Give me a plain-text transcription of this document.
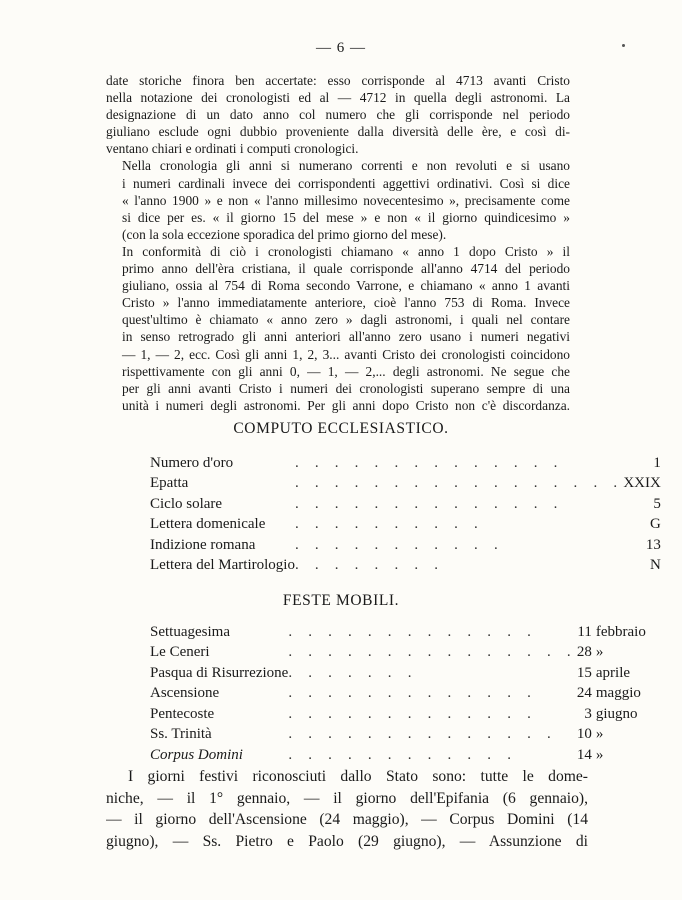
— 6 —

date storiche finora ben accertate: esso corrisponde al 4713 avanti Cristo
nella notazione dei cronologisti ed al — 4712 in quella degli astronomi. La
designazione di un dato anno col numero che gli corrisponde nel periodo
giuliano esclude ogni dubbio proveniente dalla diversità delle ère, e così di-
ventano chiari e ordinati i computi cronologici.

Nella cronologia gli anni si numerano correnti e non revoluti e si usano
i numeri cardinali invece dei corrispondenti aggettivi ordinativi. Così si dice
« l'anno 1900 » e non « l'anno millesimo novecentesimo », precisamente come
si dice per es. « il giorno 15 del mese » e non « il giorno quindicesimo »
(con la sola eccezione sporadica del primo giorno del mese).

In conformità di ciò i cronologisti chiamano « anno 1 dopo Cristo » il
primo anno dell'èra cristiana, il quale corrisponde all'anno 4714 del periodo
giuliano, ossia al 754 di Roma secondo Varrone, e chiamano « anno 1 avanti
Cristo » l'anno immediatamente anteriore, cioè l'anno 753 di Roma. Invece
quest'ultimo è chiamato « anno zero » dagli astronomi, i quali nel contare
in senso retrogrado gli anni anteriori all'anno zero usano i numeri negativi
— 1, — 2, ecc. Così gli anni 1, 2, 3... avanti Cristo dei cronologisti coincidono
rispettivamente con gli anni 0, — 1, — 2,... degli astronomi. Ne segue che
per gli anni avanti Cristo i numeri dei cronologisti superano sempre di una
unità i numeri degli astronomi. Per gli anni dopo Cristo non c'è discordanza.

COMPUTO ECCLESIASTICO.
Numero d'oro	. . . . . . . . . . . . . .	1
Epatta	. . . . . . . . . . . . . . . . .	XXIX
Ciclo solare	. . . . . . . . . . . . . .	5
Lettera domenicale	. . . . . . . . . .	G
Indizione romana	. . . . . . . . . . .	13
Lettera del Martirologio	. . . . . . . .	N
FESTE MOBILI.
Settuagesima	. . . . . . . . . . . . .	11	febbraio
Le Ceneri	. . . . . . . . . . . . . . .	28	»
Pasqua di Risurrezione	. . . . . . .	15	aprile
Ascensione	. . . . . . . . . . . . .	24	maggio
Pentecoste	. . . . . . . . . . . . .	3	giugno
Ss. Trinità	. . . . . . . . . . . . . .	10	»
Corpus Domini	. . . . . . . . . . . .	14	»
I giorni festivi riconosciuti dallo Stato sono: tutte le dome-
niche, — il 1° gennaio, — il giorno dell'Epifania (6 gennaio),
— il giorno dell'Ascensione (24 maggio), — Corpus Domini (14
giugno), — Ss. Pietro e Paolo (29 giugno), — Assunzione di
